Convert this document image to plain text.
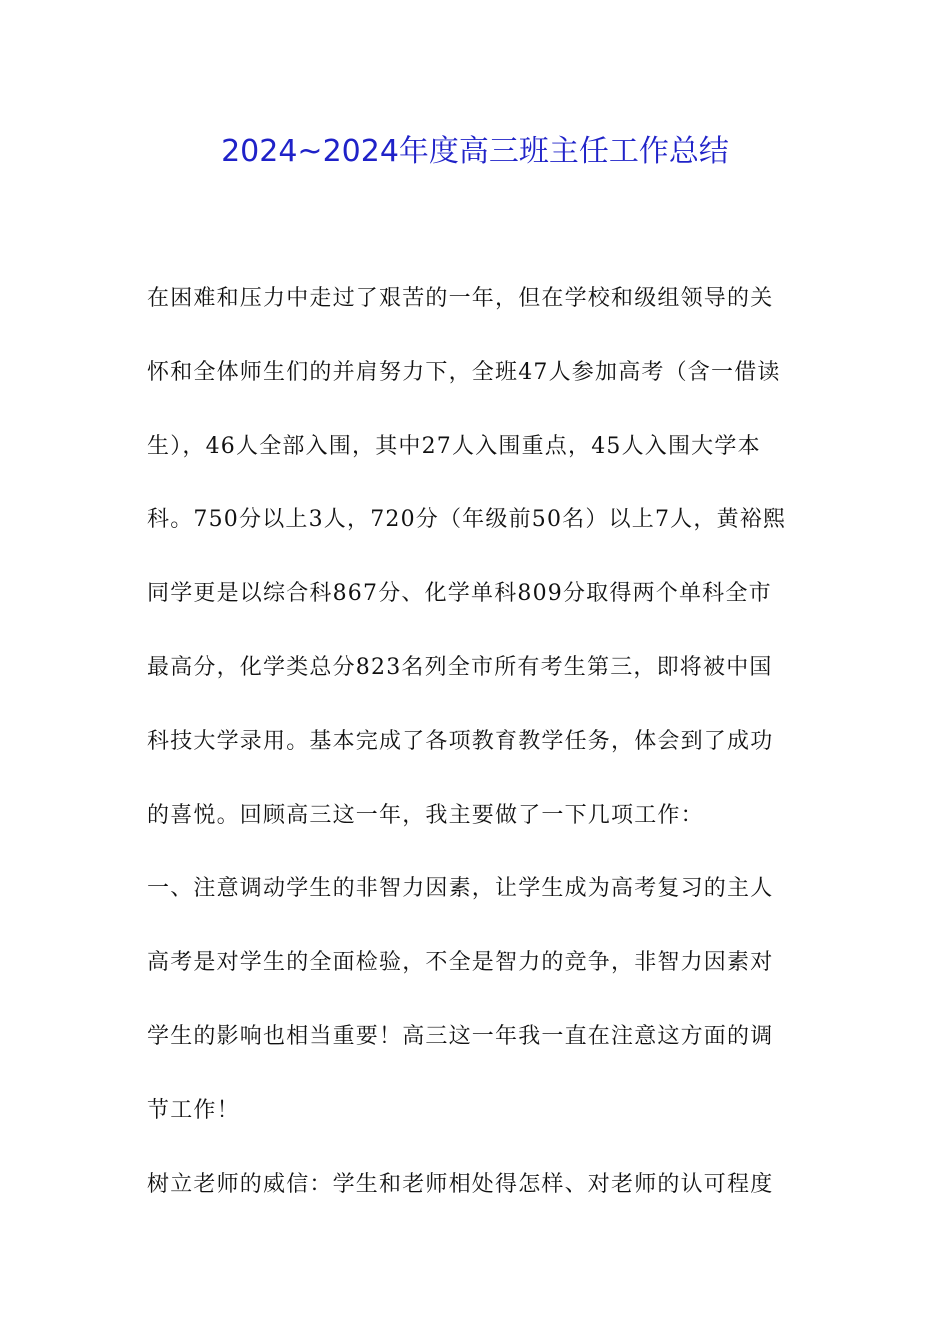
2024~2024年度高三班主任工作总结

在困难和压力中走过了艰苦的一年，但在学校和级组领导的关

怀和全体师生们的并肩努力下，全班47人参加高考（含一借读

生），46人全部入围，其中27人入围重点，45人入围大学本

科。750分以上3人，720分（年级前50名）以上7人，黄裕熙

同学更是以综合科867分、化学单科809分取得两个单科全市

最高分，化学类总分823名列全市所有考生第三，即将被中国

科技大学录用。基本完成了各项教育教学任务，体会到了成功

的喜悦。回顾高三这一年，我主要做了一下几项工作：

一、注意调动学生的非智力因素，让学生成为高考复习的主人

高考是对学生的全面检验，不全是智力的竞争，非智力因素对

学生的影响也相当重要！高三这一年我一直在注意这方面的调

节工作！

树立老师的威信：学生和老师相处得怎样、对老师的认可程度
